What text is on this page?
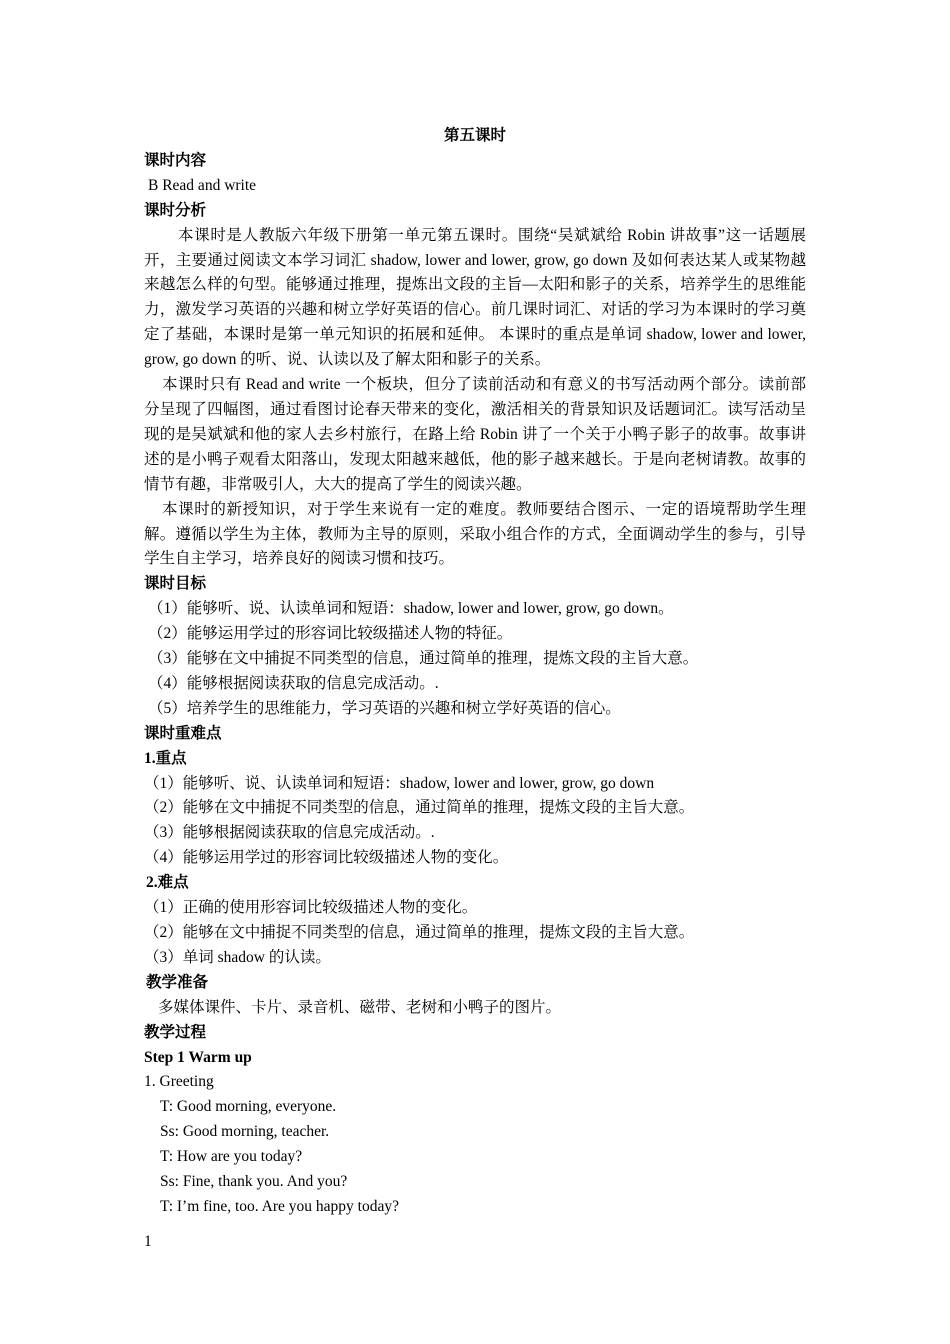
第五课时

课时内容

B Read and write

课时分析

本课时是人教版六年级下册第一单元第五课时。围绕“吴斌斌给 Robin 讲故事”这一话题展开，主要通过阅读文本学习词汇 shadow, lower and lower, grow, go down 及如何表达某人或某物越来越怎么样的句型。能够通过推理，提炼出文段的主旨—太阳和影子的关系，培养学生的思维能力，激发学习英语的兴趣和树立学好英语的信心。前几课时词汇、对话的学习为本课时的学习奠定了基础，本课时是第一单元知识的拓展和延伸。 本课时的重点是单词 shadow, lower and lower, grow, go down 的听、说、认读以及了解太阳和影子的关系。

本课时只有 Read and write 一个板块，但分了读前活动和有意义的书写活动两个部分。读前部分呈现了四幅图，通过看图讨论春天带来的变化，激活相关的背景知识及话题词汇。读写活动呈现的是吴斌斌和他的家人去乡村旅行，在路上给 Robin 讲了一个关于小鸭子影子的故事。故事讲述的是小鸭子观看太阳落山，发现太阳越来越低，他的影子越来越长。于是向老树请教。故事的情节有趣，非常吸引人，大大的提高了学生的阅读兴趣。

本课时的新授知识，对于学生来说有一定的难度。教师要结合图示、一定的语境帮助学生理解。遵循以学生为主体，教师为主导的原则，采取小组合作的方式，全面调动学生的参与，引导学生自主学习，培养良好的阅读习惯和技巧。

课时目标

（1）能够听、说、认读单词和短语：shadow, lower and lower, grow, go down。

（2）能够运用学过的形容词比较级描述人物的特征。

（3）能够在文中捕捉不同类型的信息，通过简单的推理，提炼文段的主旨大意。

（4）能够根据阅读获取的信息完成活动。.

（5）培养学生的思维能力，学习英语的兴趣和树立学好英语的信心。

课时重难点

1.重点

（1）能够听、说、认读单词和短语：shadow, lower and lower, grow, go down

（2）能够在文中捕捉不同类型的信息，通过简单的推理，提炼文段的主旨大意。

（3）能够根据阅读获取的信息完成活动。.

（4）能够运用学过的形容词比较级描述人物的变化。

2.难点

（1）正确的使用形容词比较级描述人物的变化。

（2）能够在文中捕捉不同类型的信息，通过简单的推理，提炼文段的主旨大意。

（3）单词 shadow 的认读。

教学准备

多媒体课件、卡片、录音机、磁带、老树和小鸭子的图片。

教学过程

Step 1 Warm up

1. Greeting

T: Good morning, everyone.

Ss: Good morning, teacher.

T: How are you today?

Ss: Fine, thank you. And you?

T: I’m fine, too. Are you happy today?

1
